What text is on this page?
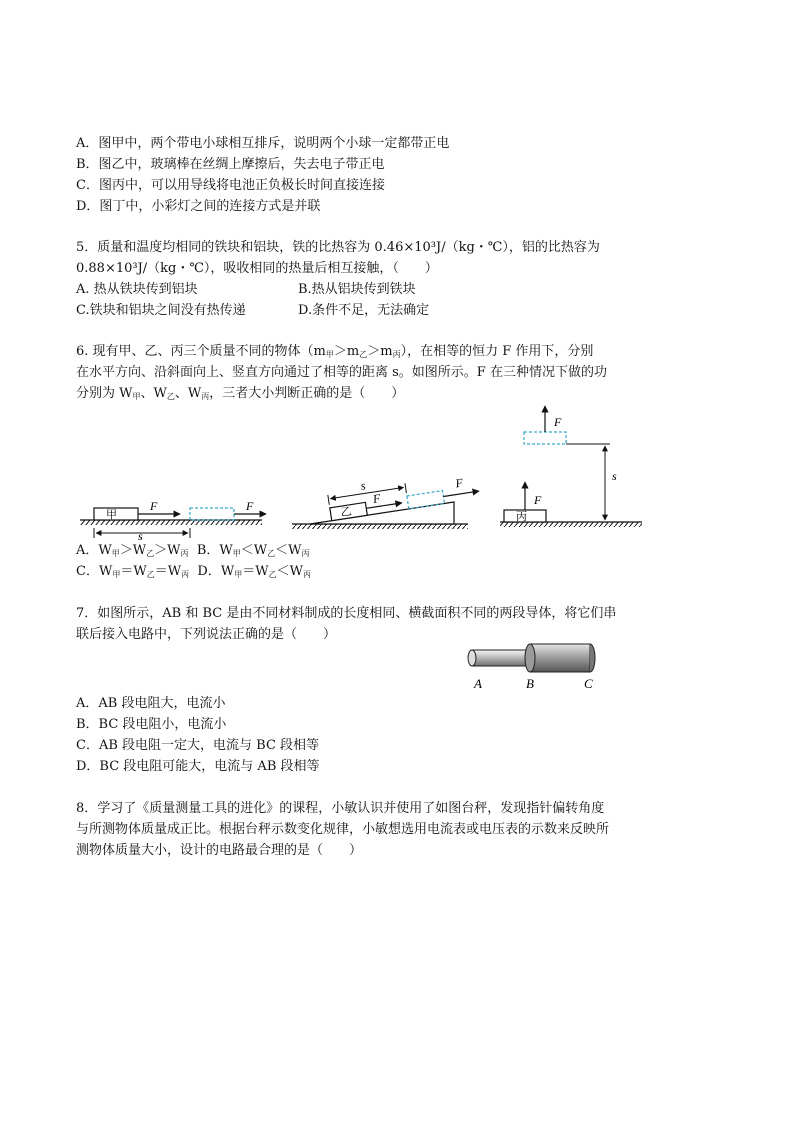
A．图甲中，两个带电小球相互排斥，说明两个小球一定都带正电
B．图乙中，玻璃棒在丝绸上摩擦后，失去电子带正电
C．图丙中，可以用导线将电池正负极长时间直接连接
D．图丁中，小彩灯之间的连接方式是并联
5．质量和温度均相同的铁块和铝块，铁的比热容为 0.46×10³J/（kg・℃），铝的比热容为
0.88×10³J/（kg・℃），吸收相同的热量后相互接触，（　　）
A. 热从铁块传到铝块	B.热从铝块传到铁块
C.铁块和铝块之间没有热传递	D.条件不足，无法确定
6. 现有甲、乙、丙三个质量不同的物体$(m_甲>m_乙>m_丙)$，在相等的恒力 F 作用下，分别
在水平方向、沿斜面向上、竖直方向通过了相等的距离 s。如图所示。F 在三种情况下做的功
分别为 $W_甲$、$W_乙$、$W_丙$，三者大小判断正确的是（　　）
甲
F	F
s
乙
F
F
s
丙
F
F
s
A．$W_甲>W_乙>W_丙$ B．$W_甲<W_乙<W_丙$
C．$W_甲=W_乙=W_丙$ D．$W_甲=W_乙<W_丙$
7．如图所示，AB 和 BC 是由不同材料制成的长度相同、横截面积不同的两段导体，将它们串
联后接入电路中，下列说法正确的是（　　）
A	B	C
A．AB 段电阻大，电流小
B．BC 段电阻小，电流小
C．AB 段电阻一定大，电流与 BC 段相等
D．BC 段电阻可能大，电流与 AB 段相等
8．学习了《质量测量工具的进化》的课程，小敏认识并使用了如图台秤，发现指针偏转角度
与所测物体质量成正比。根据台秤示数变化规律，小敏想选用电流表或电压表的示数来反映所
测物体质量大小，设计的电路最合理的是（　　）
